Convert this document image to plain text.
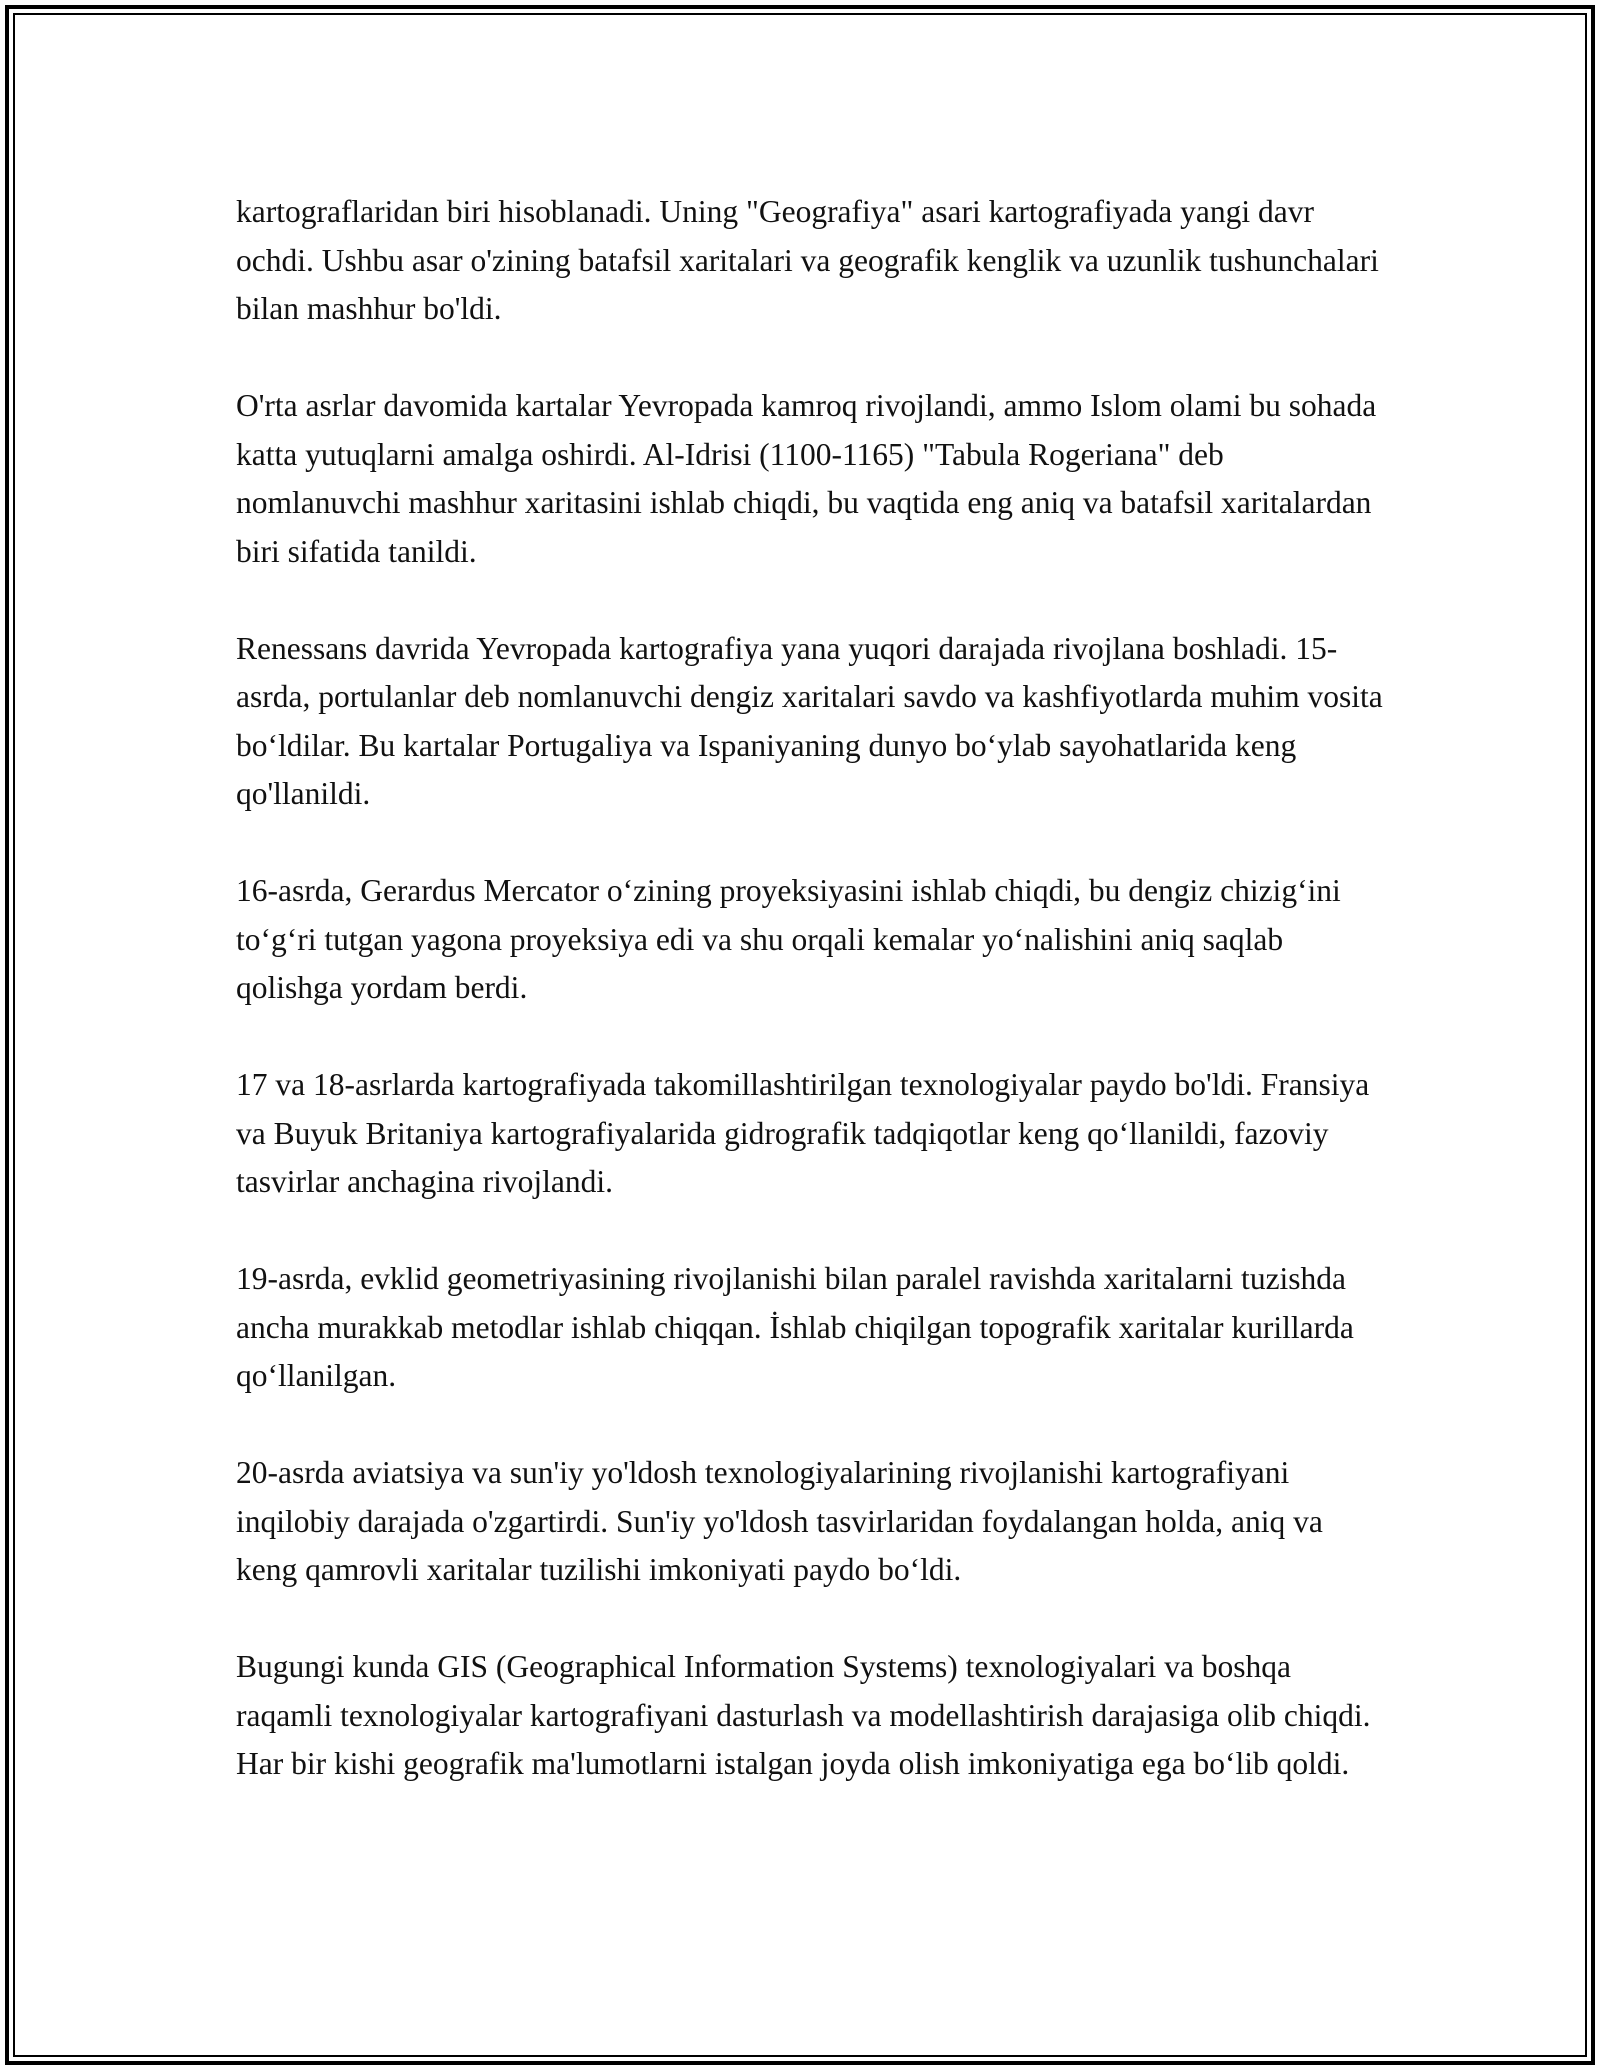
kartograflaridan biri hisoblanadi. Uning "Geografiya" asari kartografiyada yangi davr ochdi. Ushbu asar o'zining batafsil xaritalari va geografik kenglik va uzunlik tushunchalari bilan mashhur bo'ldi.

O'rta asrlar davomida kartalar Yevropada kamroq rivojlandi, ammo Islom olami bu sohada katta yutuqlarni amalga oshirdi. Al-Idrisi (1100-1165) "Tabula Rogeriana" deb nomlanuvchi mashhur xaritasini ishlab chiqdi, bu vaqtida eng aniq va batafsil xaritalardan biri sifatida tanildi.

Renessans davrida Yevropada kartografiya yana yuqori darajada rivojlana boshladi. 15-asrda, portulanlar deb nomlanuvchi dengiz xaritalari savdo va kashfiyotlarda muhim vosita bo‘ldilar. Bu kartalar Portugaliya va Ispaniyaning dunyo bo‘ylab sayohatlarida keng qo'llanildi.

16-asrda, Gerardus Mercator o‘zining proyeksiyasini ishlab chiqdi, bu dengiz chizig‘ini to‘g‘ri tutgan yagona proyeksiya edi va shu orqali kemalar yo‘nalishini aniq saqlab qolishga yordam berdi.

17 va 18-asrlarda kartografiyada takomillashtirilgan texnologiyalar paydo bo'ldi. Fransiya va Buyuk Britaniya kartografiyalarida gidrografik tadqiqotlar keng qo‘llanildi, fazoviy tasvirlar anchagina rivojlandi.

19-asrda, evklid geometriyasining rivojlanishi bilan paralel ravishda xaritalarni tuzishda ancha murakkab metodlar ishlab chiqqan. İshlab chiqilgan topografik xaritalar kurillarda qo‘llanilgan.

20-asrda aviatsiya va sun'iy yo'ldosh texnologiyalarining rivojlanishi kartografiyani inqilobiy darajada o'zgartirdi. Sun'iy yo'ldosh tasvirlaridan foydalangan holda, aniq va keng qamrovli xaritalar tuzilishi imkoniyati paydo bo‘ldi.

Bugungi kunda GIS (Geographical Information Systems) texnologiyalari va boshqa raqamli texnologiyalar kartografiyani dasturlash va modellashtirish darajasiga olib chiqdi. Har bir kishi geografik ma'lumotlarni istalgan joyda olish imkoniyatiga ega bo‘lib qoldi.
